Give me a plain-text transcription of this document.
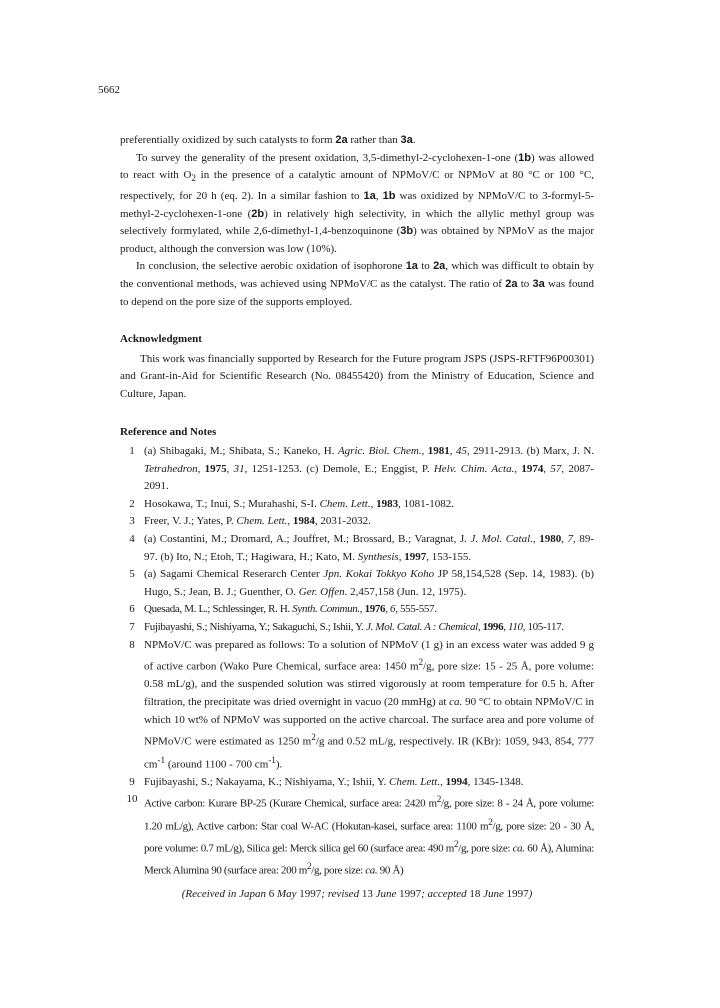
5662

preferentially oxidized by such catalysts to form 2a rather than 3a.

To survey the generality of the present oxidation, 3,5-dimethyl-2-cyclohexen-1-one (1b) was allowed to react with $O_2$ in the presence of a catalytic amount of NPMoV/C or NPMoV at 80 °C or 100 °C, respectively, for 20 h (eq. 2). In a similar fashion to 1a, 1b was oxidized by NPMoV/C to 3-formyl-5-methyl-2-cyclohexen-1-one (2b) in relatively high selectivity, in which the allylic methyl group was selectively formylated, while 2,6-dimethyl-1,4-benzoquinone (3b) was obtained by NPMoV as the major product, although the conversion was low (10%).

In conclusion, the selective aerobic oxidation of isophorone 1a to 2a, which was difficult to obtain by the conventional methods, was achieved using NPMoV/C as the catalyst. The ratio of 2a to 3a was found to depend on the pore size of the supports employed.

Acknowledgment

This work was financially supported by Research for the Future program JSPS (JSPS-RFTF96P00301) and Grant-in-Aid for Scientific Research (No. 08455420) from the Ministry of Education, Science and Culture, Japan.

Reference and Notes
1 (a) Shibagaki, M.; Shibata, S.; Kaneko, H. Agric. Biol. Chem., 1981, 45, 2911-2913. (b) Marx, J. N. Tetrahedron, 1975, 31, 1251-1253. (c) Demole, E.; Enggist, P. Helv. Chim. Acta., 1974, 57, 2087-2091.
2 Hosokawa, T.; Inui, S.; Murahashi, S-I. Chem. Lett., 1983, 1081-1082.
3 Freer, V. J.; Yates, P. Chem. Lett., 1984, 2031-2032.
4 (a) Costantini, M.; Dromard, A.; Jouffret, M.; Brossard, B.; Varagnat, J. J. Mol. Catal., 1980, 7, 89-97. (b) Ito, N.; Etoh, T.; Hagiwara, H.; Kato, M. Synthesis, 1997, 153-155.
5 (a) Sagami Chemical Reserarch Center Jpn. Kokai Tokkyo Koho JP 58,154,528 (Sep. 14, 1983). (b) Hugo, S.; Jean, B. J.; Guenther, O. Ger. Offen. 2,457,158 (Jun. 12, 1975).
6 Quesada, M. L.; Schlessinger, R. H. Synth. Commun., 1976, 6, 555-557.
7 Fujibayashi, S.; Nishiyama, Y.; Sakaguchi, S.; Ishii, Y. J. Mol. Catal. A : Chemical, 1996, 110, 105-117.
8 NPMoV/C was prepared as follows: To a solution of NPMoV (1 g) in an excess water was added 9 g of active carbon (Wako Pure Chemical, surface area: 1450 $m^2/g$, pore size: 15 - 25 Å, pore volume: 0.58 mL/g), and the suspended solution was stirred vigorously at room temperature for 0.5 h. After filtration, the precipitate was dried overnight in vacuo (20 mmHg) at ca. 90 °C to obtain NPMoV/C in which 10 wt% of NPMoV was supported on the active charcoal. The surface area and pore volume of NPMoV/C were estimated as 1250 $m^2/g$ and 0.52 mL/g, respectively. IR (KBr): 1059, 943, 854, 777 $cm^{-1}$ (around 1100 - 700 $cm^{-1}$).
9 Fujibayashi, S.; Nakayama, K.; Nishiyama, Y.; Ishii, Y. Chem. Lett., 1994, 1345-1348.
10 Active carbon: Kurare BP-25 (Kurare Chemical, surface area: 2420 $m^2/g$, pore size: 8 - 24 Å, pore volume: 1.20 mL/g), Active carbon: Star coal W-AC (Hokutan-kasei, surface area: 1100 $m^2/g$, pore size: 20 - 30 Å, pore volume: 0.7 mL/g), Silica gel: Merck silica gel 60 (surface area: 490 $m^2/g$, pore size: ca. 60 Å), Alumina: Merck Alumina 90 (surface area: 200 $m^2/g$, pore size: ca. 90 Å)
(Received in Japan 6 May 1997; revised 13 June 1997; accepted 18 June 1997)
